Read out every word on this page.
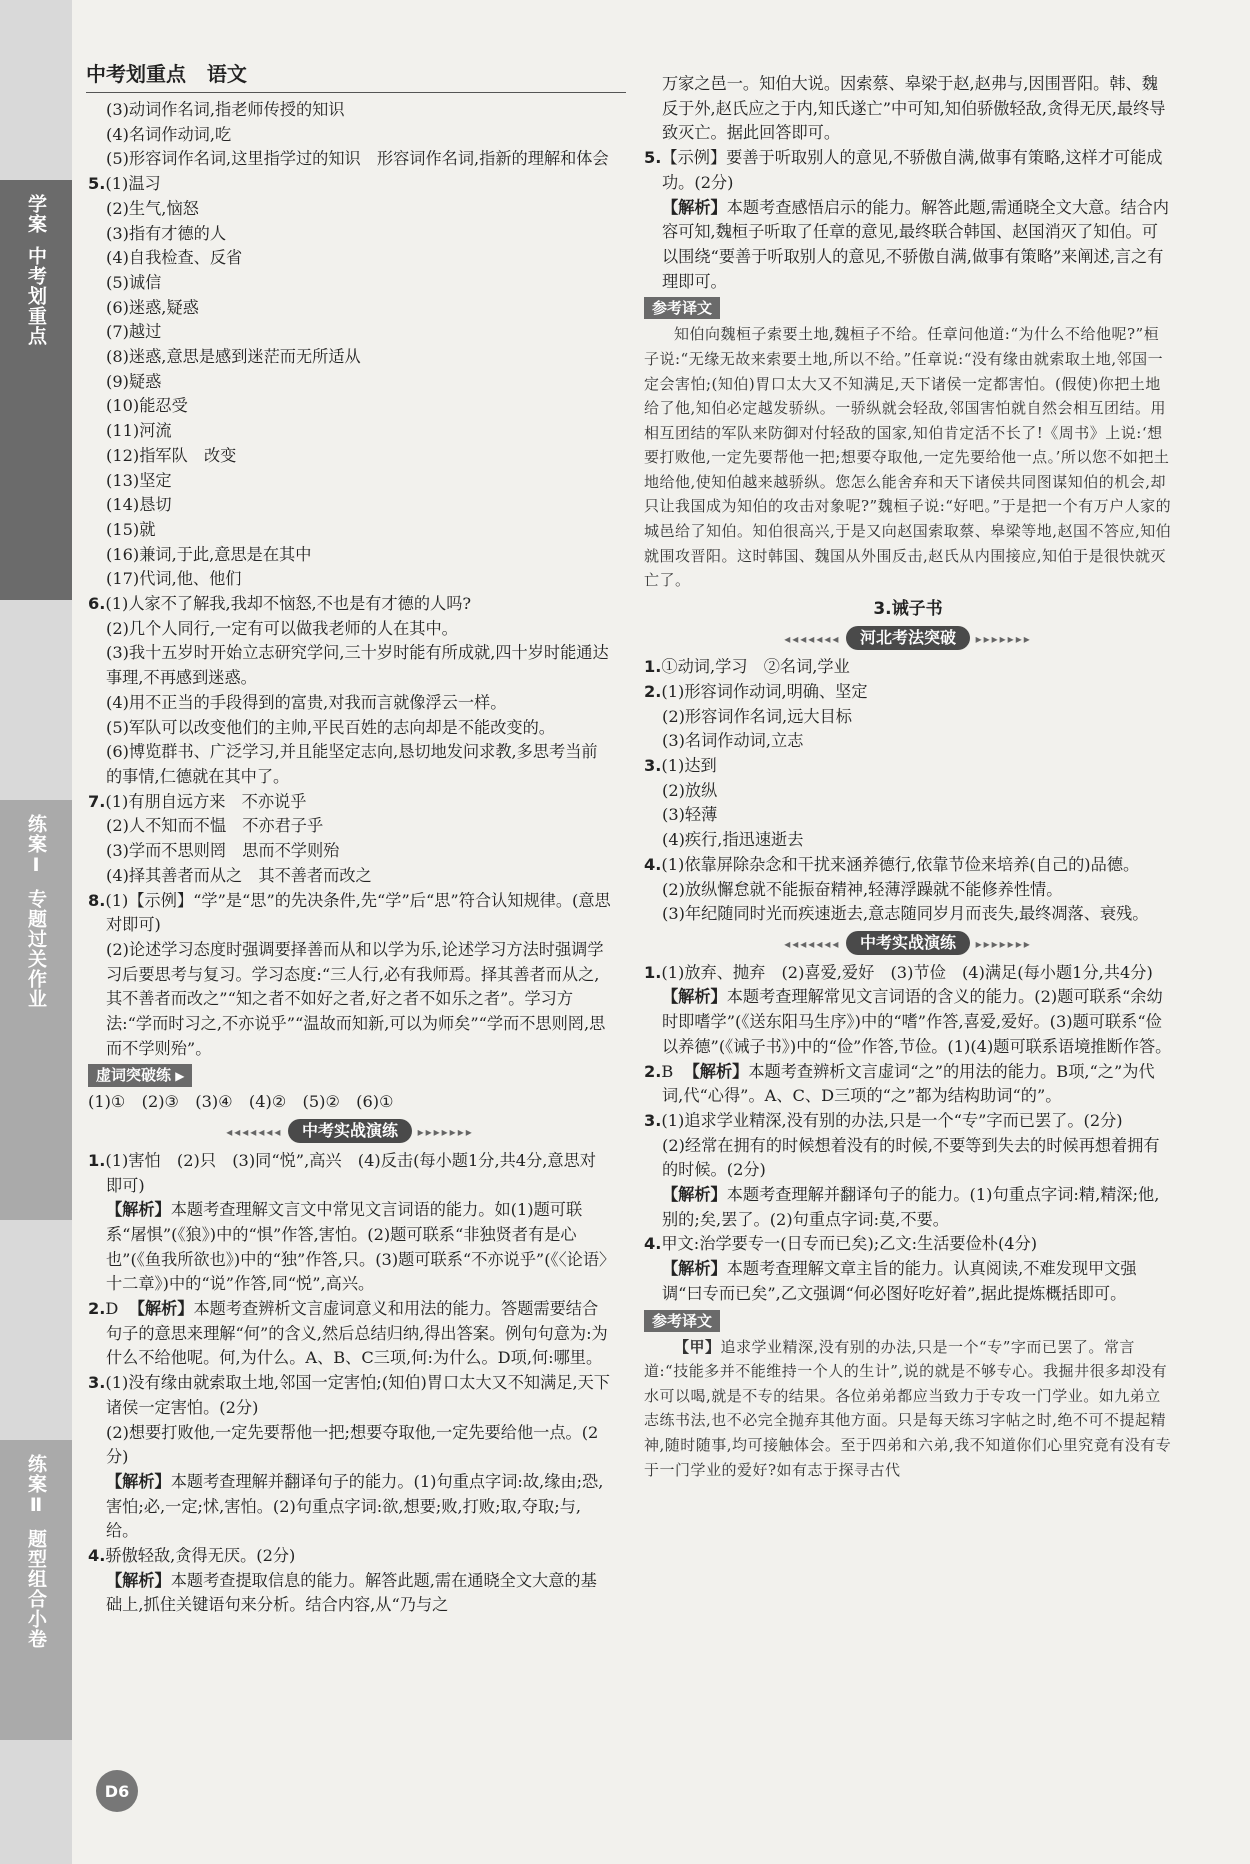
学案
中考划重点
练案Ⅰ
专题过关作业
练案Ⅱ
题型组合小卷
中考划重点 语文

(3)动词作名词,指老师传授的知识

(4)名词作动词,吃

(5)形容词作名词,这里指学过的知识　形容词作名词,指新的理解和体会

5.(1)温习

(2)生气,恼怒

(3)指有才德的人

(4)自我检查、反省

(5)诚信

(6)迷惑,疑惑

(7)越过

(8)迷惑,意思是感到迷茫而无所适从

(9)疑惑

(10)能忍受

(11)河流

(12)指军队　改变

(13)坚定

(14)恳切

(15)就

(16)兼词,于此,意思是在其中

(17)代词,他、他们

6.(1)人家不了解我,我却不恼怒,不也是有才德的人吗?

(2)几个人同行,一定有可以做我老师的人在其中。

(3)我十五岁时开始立志研究学问,三十岁时能有所成就,四十岁时能通达事理,不再感到迷惑。

(4)用不正当的手段得到的富贵,对我而言就像浮云一样。

(5)军队可以改变他们的主帅,平民百姓的志向却是不能改变的。

(6)博览群书、广泛学习,并且能坚定志向,恳切地发问求教,多思考当前的事情,仁德就在其中了。

7.(1)有朋自远方来　不亦说乎

(2)人不知而不愠　不亦君子乎

(3)学而不思则罔　思而不学则殆

(4)择其善者而从之　其不善者而改之

8.(1)【示例】“学”是“思”的先决条件,先“学”后“思”符合认知规律。(意思对即可)

(2)论述学习态度时强调要择善而从和以学为乐,论述学习方法时强调学习后要思考与复习。学习态度:“三人行,必有我师焉。择其善者而从之,其不善者而改之”“知之者不如好之者,好之者不如乐之者”。学习方法:“学而时习之,不亦说乎”“温故而知新,可以为师矣”“学而不思则罔,思而不学则殆”。

虚词突破练 ▶

(1)①　(2)③　(3)④　(4)②　(5)②　(6)①

◂◂◂◂◂◂◂ 中考实战演练 ▸▸▸▸▸▸▸

1.(1)害怕　(2)只　(3)同“悦”,高兴　(4)反击(每小题1分,共4分,意思对即可)

【解析】本题考查理解文言文中常见文言词语的能力。如(1)题可联系“屠惧”(《狼》)中的“惧”作答,害怕。(2)题可联系“非独贤者有是心也”(《鱼我所欲也》)中的“独”作答,只。(3)题可联系“不亦说乎”(《〈论语〉十二章》)中的“说”作答,同“悦”,高兴。

2.D 【解析】本题考查辨析文言虚词意义和用法的能力。答题需要结合句子的意思来理解“何”的含义,然后总结归纳,得出答案。例句句意为:为什么不给他呢。何,为什么。A、B、C三项,何:为什么。D项,何:哪里。

3.(1)没有缘由就索取土地,邻国一定害怕;(知伯)胃口太大又不知满足,天下诸侯一定害怕。(2分)

(2)想要打败他,一定先要帮他一把;想要夺取他,一定先要给他一点。(2分)

【解析】本题考查理解并翻译句子的能力。(1)句重点字词:故,缘由;恐,害怕;必,一定;怵,害怕。(2)句重点字词:欲,想要;败,打败;取,夺取;与,给。

4.骄傲轻敌,贪得无厌。(2分)

【解析】本题考查提取信息的能力。解答此题,需在通晓全文大意的基础上,抓住关键语句来分析。结合内容,从“乃与之

万家之邑一。知伯大说。因索蔡、皋梁于赵,赵弗与,因围晋阳。韩、魏反于外,赵氏应之于内,知氏遂亡”中可知,知伯骄傲轻敌,贪得无厌,最终导致灭亡。据此回答即可。

5.【示例】要善于听取别人的意见,不骄傲自满,做事有策略,这样才可能成功。(2分)

【解析】本题考查感悟启示的能力。解答此题,需通晓全文大意。结合内容可知,魏桓子听取了任章的意见,最终联合韩国、赵国消灭了知伯。可以围绕“要善于听取别人的意见,不骄傲自满,做事有策略”来阐述,言之有理即可。

参考译文

知伯向魏桓子索要土地,魏桓子不给。任章问他道:“为什么不给他呢?”桓子说:“无缘无故来索要土地,所以不给。”任章说:“没有缘由就索取土地,邻国一定会害怕;(知伯)胃口太大又不知满足,天下诸侯一定都害怕。(假使)你把土地给了他,知伯必定越发骄纵。一骄纵就会轻敌,邻国害怕就自然会相互团结。用相互团结的军队来防御对付轻敌的国家,知伯肯定活不长了!《周书》上说:‘想要打败他,一定先要帮他一把;想要夺取他,一定先要给他一点。’所以您不如把土地给他,使知伯越来越骄纵。您怎么能舍弃和天下诸侯共同图谋知伯的机会,却只让我国成为知伯的攻击对象呢?”魏桓子说:“好吧。”于是把一个有万户人家的城邑给了知伯。知伯很高兴,于是又向赵国索取蔡、皋梁等地,赵国不答应,知伯就围攻晋阳。这时韩国、魏国从外围反击,赵氏从内围接应,知伯于是很快就灭亡了。

3.诫子书
◂◂◂◂◂◂◂ 河北考法突破 ▸▸▸▸▸▸▸

1.①动词,学习　②名词,学业

2.(1)形容词作动词,明确、坚定

(2)形容词作名词,远大目标

(3)名词作动词,立志

3.(1)达到

(2)放纵

(3)轻薄

(4)疾行,指迅速逝去

4.(1)依靠屏除杂念和干扰来涵养德行,依靠节俭来培养(自己的)品德。

(2)放纵懈怠就不能振奋精神,轻薄浮躁就不能修养性情。

(3)年纪随同时光而疾速逝去,意志随同岁月而丧失,最终凋落、衰残。

◂◂◂◂◂◂◂ 中考实战演练 ▸▸▸▸▸▸▸

1.(1)放弃、抛弃　(2)喜爱,爱好　(3)节俭　(4)满足(每小题1分,共4分)

【解析】本题考查理解常见文言词语的含义的能力。(2)题可联系“余幼时即嗜学”(《送东阳马生序》)中的“嗜”作答,喜爱,爱好。(3)题可联系“俭以养德”(《诫子书》)中的“俭”作答,节俭。(1)(4)题可联系语境推断作答。

2.B 【解析】本题考查辨析文言虚词“之”的用法的能力。B项,“之”为代词,代“心得”。A、C、D三项的“之”都为结构助词“的”。

3.(1)追求学业精深,没有别的办法,只是一个“专”字而已罢了。(2分)

(2)经常在拥有的时候想着没有的时候,不要等到失去的时候再想着拥有的时候。(2分)

【解析】本题考查理解并翻译句子的能力。(1)句重点字词:精,精深;他,别的;矣,罢了。(2)句重点字词:莫,不要。

4.甲文:治学要专一(日专而已矣);乙文:生活要俭朴(4分)

【解析】本题考查理解文章主旨的能力。认真阅读,不难发现甲文强调“曰专而已矣”,乙文强调“何必图好吃好着”,据此提炼概括即可。

参考译文

【甲】追求学业精深,没有别的办法,只是一个“专”字而已罢了。常言道:“技能多并不能维持一个人的生计”,说的就是不够专心。我掘井很多却没有水可以喝,就是不专的结果。各位弟弟都应当致力于专攻一门学业。如九弟立志练书法,也不必完全抛弃其他方面。只是每天练习字帖之时,绝不可不提起精神,随时随事,均可接触体会。至于四弟和六弟,我不知道你们心里究竟有没有专于一门学业的爱好?如有志于探寻古代

D6
